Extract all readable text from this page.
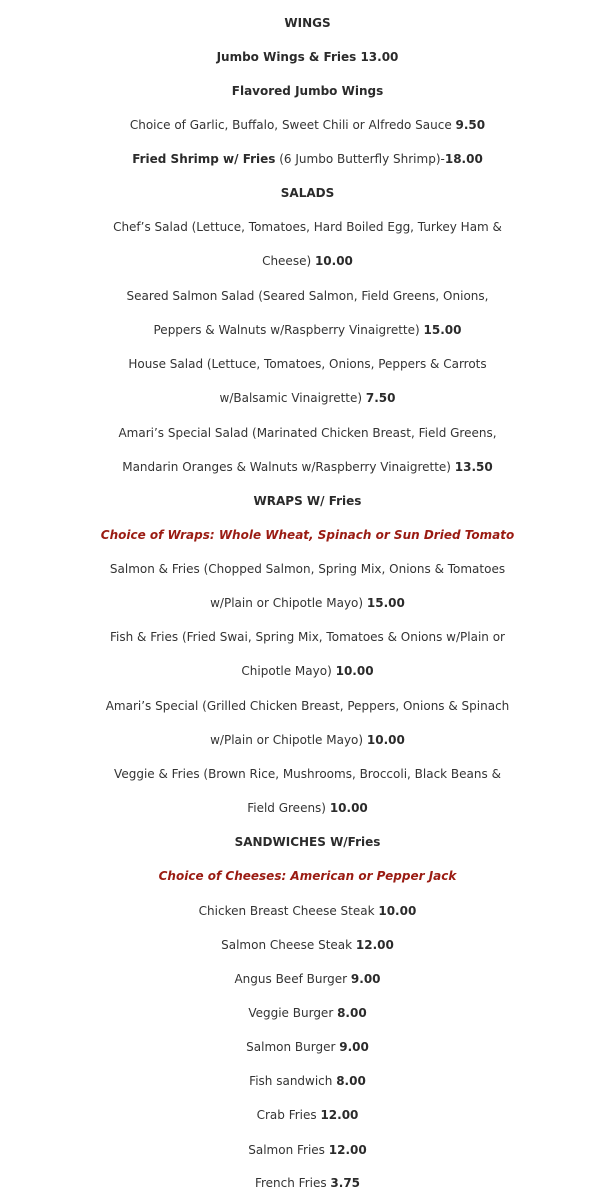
WINGS
Jumbo Wings & Fries 13.00
Flavored Jumbo Wings
Choice of Garlic, Buffalo, Sweet Chili or Alfredo Sauce 9.50
Fried Shrimp w/ Fries (6 Jumbo Butterfly Shrimp)-18.00
SALADS
Chef’s Salad (Lettuce, Tomatoes, Hard Boiled Egg, Turkey Ham &
Cheese) 10.00
Seared Salmon Salad (Seared Salmon, Field Greens, Onions,
Peppers & Walnuts w/Raspberry Vinaigrette) 15.00
House Salad (Lettuce, Tomatoes, Onions, Peppers & Carrots
w/Balsamic Vinaigrette) 7.50
Amari’s Special Salad (Marinated Chicken Breast, Field Greens,
Mandarin Oranges & Walnuts w/Raspberry Vinaigrette) 13.50
WRAPS W/ Fries
Choice of Wraps: Whole Wheat, Spinach or Sun Dried Tomato
Salmon & Fries (Chopped Salmon, Spring Mix, Onions & Tomatoes
w/Plain or Chipotle Mayo) 15.00
Fish & Fries (Fried Swai, Spring Mix, Tomatoes & Onions w/Plain or
Chipotle Mayo) 10.00
Amari’s Special (Grilled Chicken Breast, Peppers, Onions & Spinach
w/Plain or Chipotle Mayo) 10.00
Veggie & Fries (Brown Rice, Mushrooms, Broccoli, Black Beans &
Field Greens) 10.00
SANDWICHES W/Fries
Choice of Cheeses: American or Pepper Jack
Chicken Breast Cheese Steak 10.00
Salmon Cheese Steak 12.00
Angus Beef Burger 9.00
Veggie Burger 8.00
Salmon Burger 9.00
Fish sandwich 8.00
Crab Fries 12.00
Salmon Fries 12.00
French Fries 3.75
